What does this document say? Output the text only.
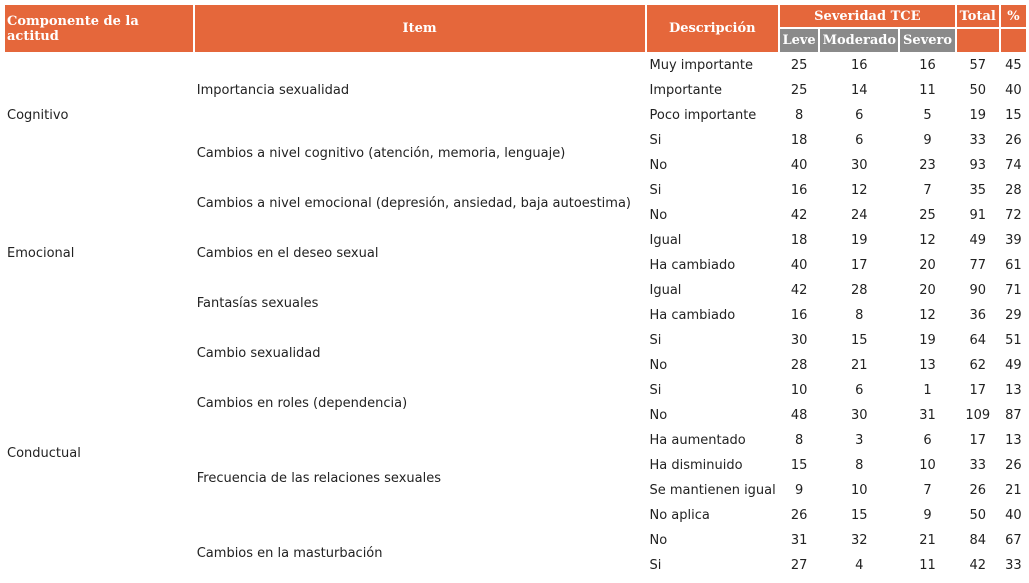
Componente de la actitud	Item	Descripción	Severidad TCE			Total	%
			Leve	Moderado	Severo		
Cognitivo	Importancia sexualidad	Muy importante	25	16	16	57	45
		Importante	25	14	11	50	40
		Poco importante	8	6	5	19	15
	Cambios a nivel cognitivo (atención, memoria, lenguaje)	Si	18	6	9	33	26
		No	40	30	23	93	74
Emocional	Cambios a nivel emocional (depresión, ansiedad, baja autoestima)	Si	16	12	7	35	28
		No	42	24	25	91	72
	Cambios en el deseo sexual	Igual	18	19	12	49	39
		Ha cambiado	40	17	20	77	61
	Fantasías sexuales	Igual	42	28	20	90	71
		Ha cambiado	16	8	12	36	29
Conductual	Cambio sexualidad	Si	30	15	19	64	51
		No	28	21	13	62	49
	Cambios en roles (dependencia)	Si	10	6	1	17	13
		No	48	30	31	109	87
	Frecuencia de las relaciones sexuales	Ha aumentado	8	3	6	17	13
		Ha disminuido	15	8	10	33	26
		Se mantienen igual	9	10	7	26	21
		No aplica	26	15	9	50	40
	Cambios en la masturbación	No	31	32	21	84	67
		Si	27	4	11	42	33
